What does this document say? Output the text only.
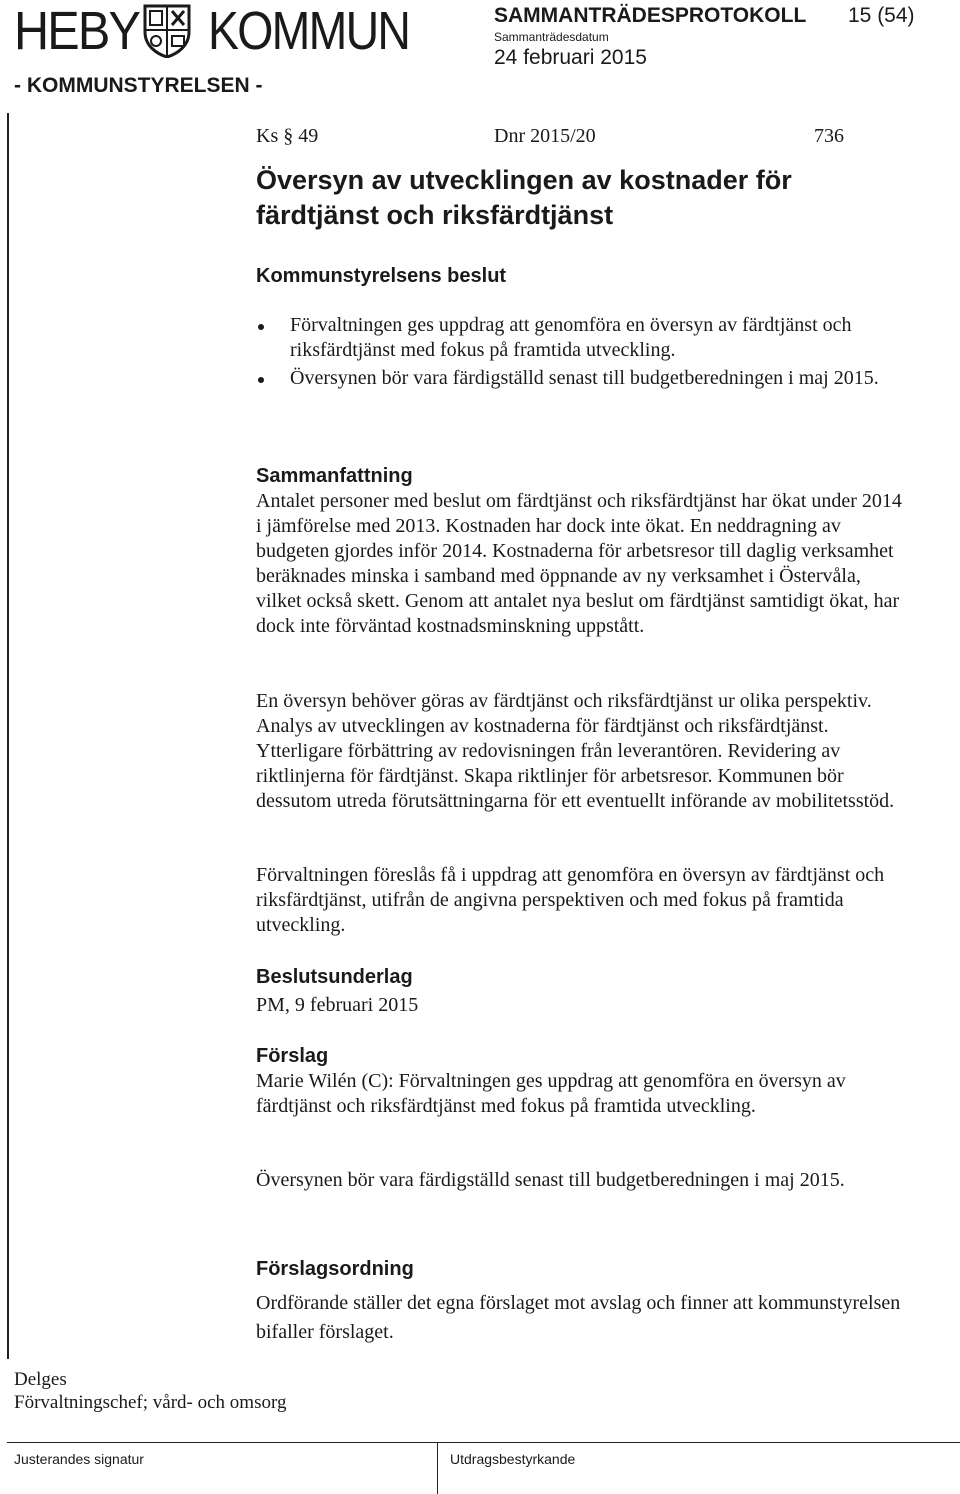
HEBY KOMMUN
- KOMMUNSTYRELSEN -
SAMMANTRÄDESPROTOKOLL 15 (54)
Sammanträdesdatum
24 februari 2015
Ks § 49	Dnr 2015/20	736
Översyn av utvecklingen av kostnader för färdtjänst och riksfärdtjänst
Kommunstyrelsens beslut
Förvaltningen ges uppdrag att genomföra en översyn av färdtjänst och riksfärdtjänst med fokus på framtida utveckling.
Översynen bör vara färdigställd senast till budgetberedningen i maj 2015.
Sammanfattning
Antalet personer med beslut om färdtjänst och riksfärdtjänst har ökat under 2014 i jämförelse med 2013. Kostnaden har dock inte ökat. En neddragning av budgeten gjordes inför 2014. Kostnaderna för arbetsresor till daglig verksamhet beräknades minska i samband med öppnande av ny verksamhet i Östervåla, vilket också skett. Genom att antalet nya beslut om färdtjänst samtidigt ökat, har dock inte förväntad kostnadsminskning uppstått.
En översyn behöver göras av färdtjänst och riksfärdtjänst ur olika perspektiv. Analys av utvecklingen av kostnaderna för färdtjänst och riksfärdtjänst. Ytterligare förbättring av redovisningen från leverantören. Revidering av riktlinjerna för färdtjänst. Skapa riktlinjer för arbetsresor. Kommunen bör dessutom utreda förutsättningarna för ett eventuellt införande av mobilitetsstöd.
Förvaltningen föreslås få i uppdrag att genomföra en översyn av färdtjänst och riksfärdtjänst, utifrån de angivna perspektiven och med fokus på framtida utveckling.
Beslutsunderlag
PM, 9 februari 2015
Förslag
Marie Wilén (C): Förvaltningen ges uppdrag att genomföra en översyn av färdtjänst och riksfärdtjänst med fokus på framtida utveckling.
Översynen bör vara färdigställd senast till budgetberedningen i maj 2015.
Förslagsordning
Ordförande ställer det egna förslaget mot avslag och finner att kommunstyrelsen bifaller förslaget.
Delges
Förvaltningschef; vård- och omsorg
Justerandes signatur	Utdragsbestyrkande
